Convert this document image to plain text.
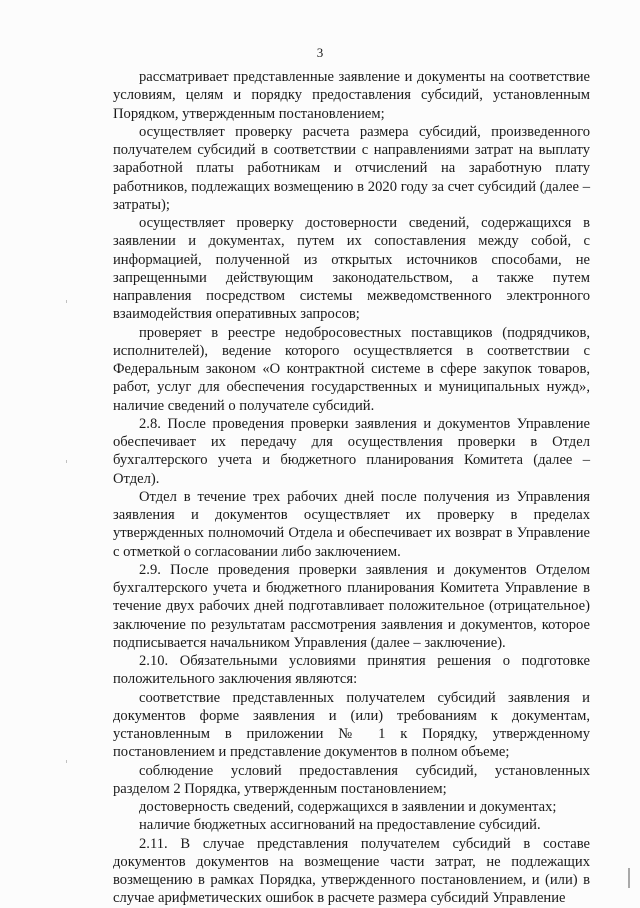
3

рассматривает представленные заявление и документы на соответствие условиям, целям и порядку предоставления субсидий, установленным Порядком, утвержденным постановлением;

осуществляет проверку расчета размера субсидий, произведенного получателем субсидий в соответствии с направлениями затрат на выплату заработной платы работникам и отчислений на заработную плату работников, подлежащих возмещению в 2020 году за счет субсидий (далее – затраты);

осуществляет проверку достоверности сведений, содержащихся в заявлении и документах, путем их сопоставления между собой, с информацией, полученной из открытых источников способами, не запрещенными действующим законодательством, а также путем направления посредством системы межведомственного электронного взаимодействия оперативных запросов;

проверяет в реестре недобросовестных поставщиков (подрядчиков, исполнителей), ведение которого осуществляется в соответствии с Федеральным законом «О контрактной системе в сфере закупок товаров, работ, услуг для обеспечения государственных и муниципальных нужд», наличие сведений о получателе субсидий.

2.8. После проведения проверки заявления и документов Управление обеспечивает их передачу для осуществления проверки в Отдел бухгалтерского учета и бюджетного планирования Комитета (далее – Отдел).

Отдел в течение трех рабочих дней после получения из Управления заявления и документов осуществляет их проверку в пределах утвержденных полномочий Отдела и обеспечивает их возврат в Управление с отметкой о согласовании либо заключением.

2.9. После проведения проверки заявления и документов Отделом бухгалтерского учета и бюджетного планирования Комитета Управление в течение двух рабочих дней подготавливает положительное (отрицательное) заключение по результатам рассмотрения заявления и документов, которое подписывается начальником Управления (далее – заключение).

2.10. Обязательными условиями принятия решения о подготовке положительного заключения являются:

соответствие представленных получателем субсидий заявления и документов форме заявления и (или) требованиям к документам, установленным в приложении № 1 к Порядку, утвержденному постановлением и представление документов в полном объеме;

соблюдение условий предоставления субсидий, установленных разделом 2 Порядка, утвержденным постановлением;

достоверность сведений, содержащихся в заявлении и документах;

наличие бюджетных ассигнований на предоставление субсидий.

2.11. В случае представления получателем субсидий в составе документов документов на возмещение части затрат, не подлежащих возмещению в рамках Порядка, утвержденного постановлением, и (или) в случае арифметических ошибок в расчете размера субсидий Управление
